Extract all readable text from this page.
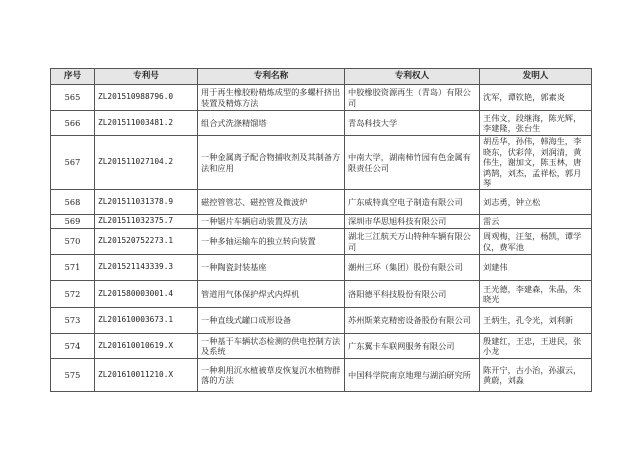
序号	专利号	专利名称	专利权人	发明人
565	ZL201510988796.0	用于再生橡胶粉精炼成型的多螺杆挤出装置及精炼方法	中胶橡胶资源再生（青岛）有限公司	沈军，谭钦艳，郭素炎
566	ZL201511003481.2	组合式洗涤精馏塔	青岛科技大学	王伟文，段继海，陈光辉，李建隆，张台生
567	ZL201511027104.2	一种金属离子配合物捕收剂及其制备方法和应用	中南大学，湖南柿竹园有色金属有限责任公司	胡岳华，孙伟，韩海生，李晓东，伏彩萍，刘润清，黄伟生，谢加文，陈玉林，唐鸿鹄，刘杰，孟祥松，郭月琴
568	ZL201511031378.9	磁控管管芯、磁控管及微波炉	广东威特真空电子制造有限公司	刘志勇，钟立松
569	ZL201511032375.7	一种锯片车辆启动装置及方法	深圳市华思旭科技有限公司	雷云
570	ZL201520752273.1	一种多轴运输车的独立转向装置	湖北三江航天万山特种车辆有限公司	周观梅，汪玺，杨凯，谭学仪，费军池
571	ZL201521143339.3	一种陶瓷封装基座	潮州三环（集团）股份有限公司	刘建伟
572	ZL201580003001.4	管道用气体保护焊式内焊机	洛阳德平科技股份有限公司	王光德，李建森，朱晶，朱晓光
573	ZL201610003673.1	一种直线式罐口成形设备	苏州斯莱克精密设备股份有限公司	王炳生，孔令光，刘利新
574	ZL201610010619.X	一种基于车辆状态检测的供电控制方法及系统	广东翼卡车联网服务有限公司	殷建红，王忠，王进民，张小龙
575	ZL201610011210.X	一种利用沉水植被草皮恢复沉水植物群落的方法	中国科学院南京地理与湖泊研究所	陈开宁，古小治，孙淑云，黄蔚，刘淼
